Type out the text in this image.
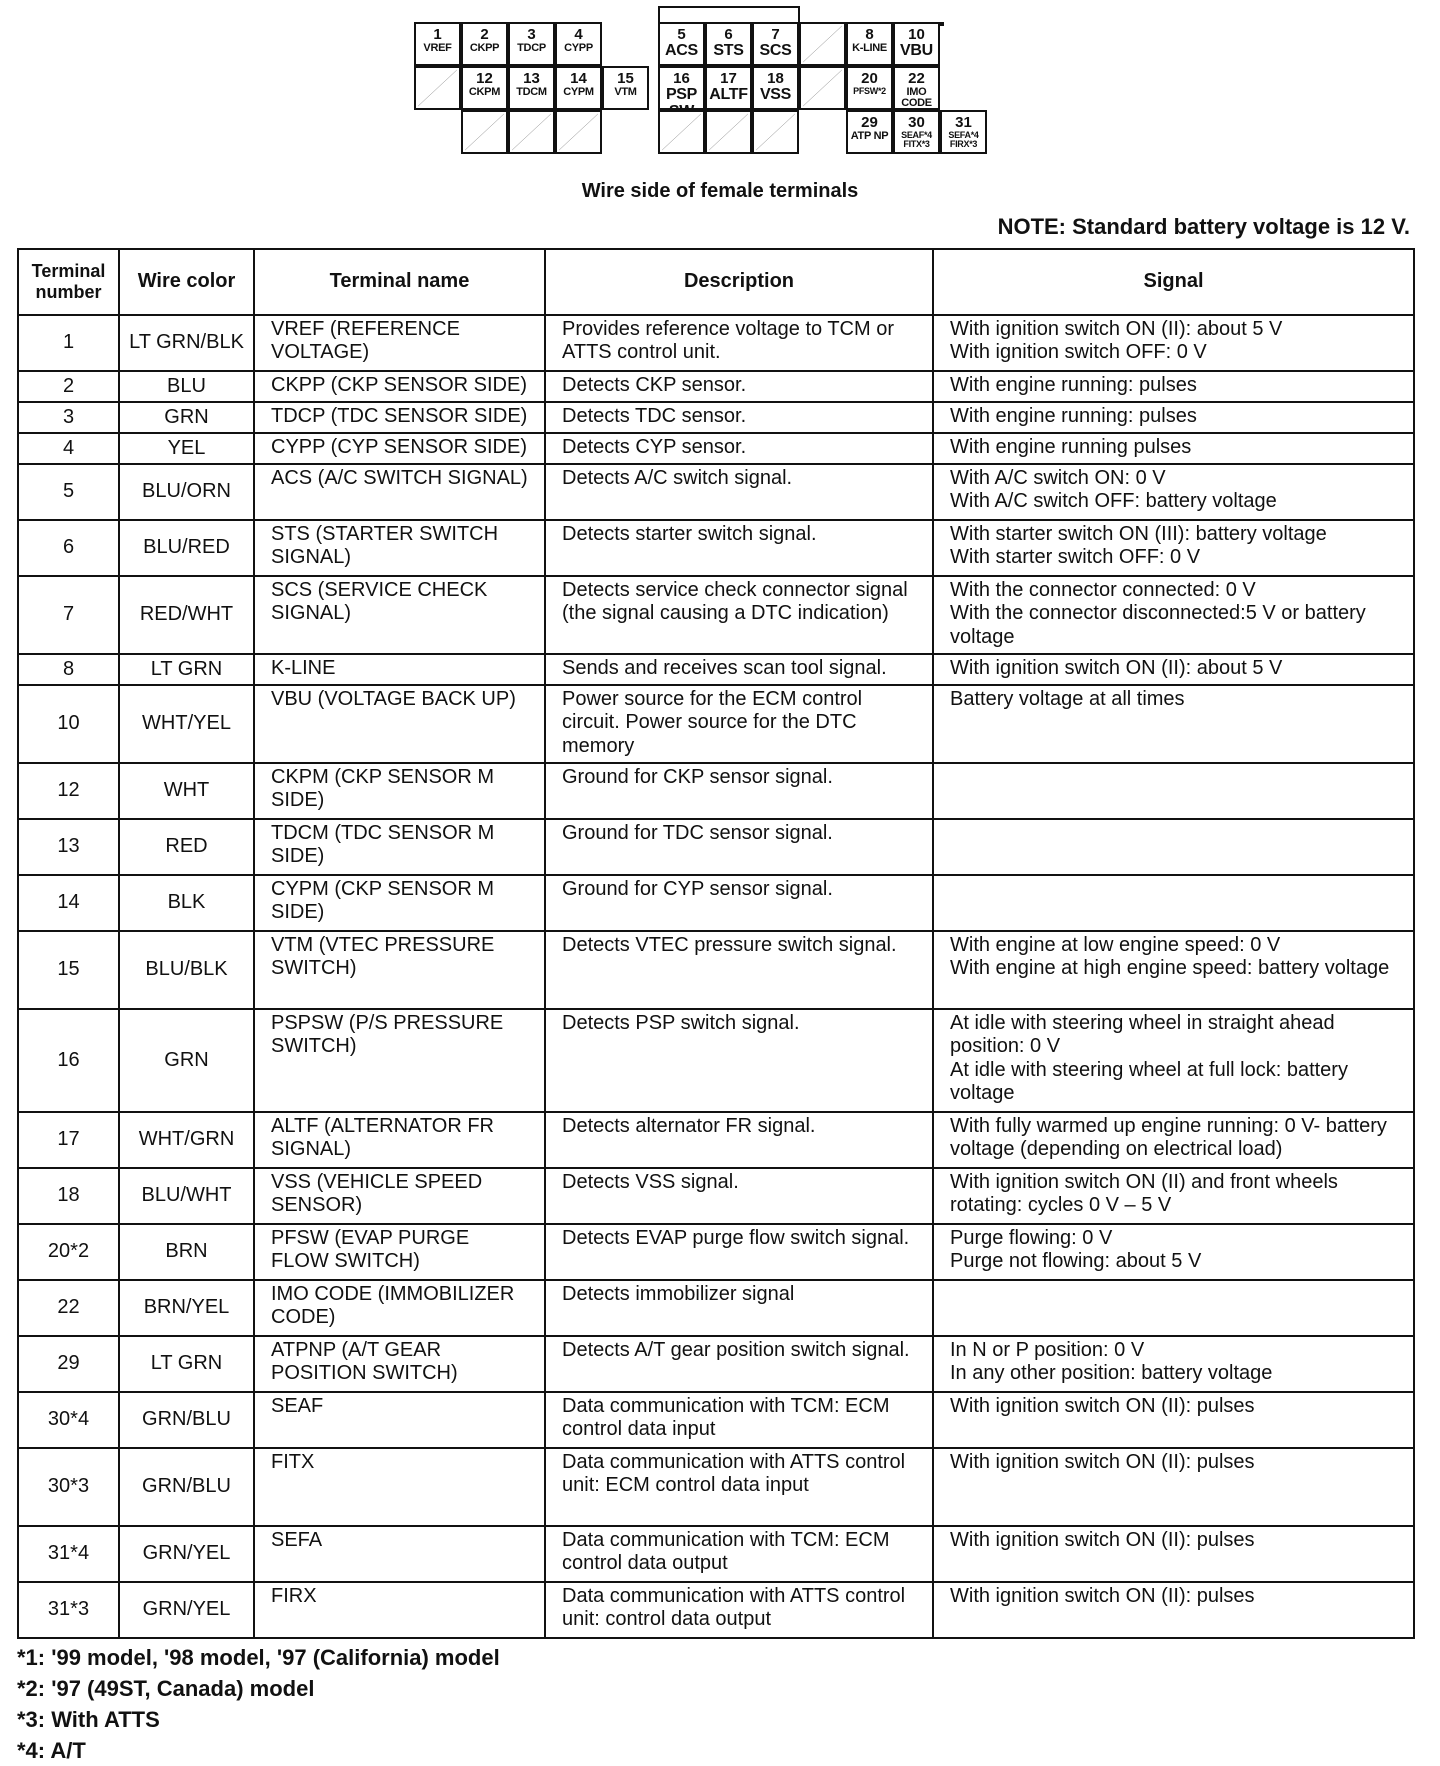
1
VREF
2
CKPP
3
TDCP
4
CYPP
5
ACS
6
STS
7
SCS
8
K-LINE
10
VBU
12
CKPM
13
TDCM
14
CYPM
15
VTM
16
PSP
17
ALTF
18
VSS
20
PFSW*2
22
IMO CODE
29
ATP NP
30
SEAF*4 FITX*3
31
SEFA*4 FIRX*3
Wire side of female terminals
NOTE: Standard battery voltage is 12 V.
Terminal number	Wire color	Terminal name	Description	Signal
1	LT GRN/BLK	VREF (REFERENCE VOLTAGE)	Provides reference voltage to TCM or ATTS control unit.	With ignition switch ON (II): about 5 V
With ignition switch OFF: 0 V
2	BLU	CKPP (CKP SENSOR SIDE)	Detects CKP sensor.	With engine running: pulses
3	GRN	TDCP (TDC SENSOR SIDE)	Detects TDC sensor.	With engine running: pulses
4	YEL	CYPP (CYP SENSOR SIDE)	Detects CYP sensor.	With engine running pulses
5	BLU/ORN	ACS (A/C SWITCH SIGNAL)	Detects A/C switch signal.	With A/C switch ON: 0 V
With A/C switch OFF: battery voltage
6	BLU/RED	STS (STARTER SWITCH SIGNAL)	Detects starter switch signal.	With starter switch ON (III): battery voltage
With starter switch OFF: 0 V
7	RED/WHT	SCS (SERVICE CHECK SIGNAL)	Detects service check connector signal (the signal causing a DTC indication)	With the connector connected: 0 V
With the connector disconnected:5 V or battery voltage
8	LT GRN	K-LINE	Sends and receives scan tool signal.	With ignition switch ON (II): about 5 V
10	WHT/YEL	VBU (VOLTAGE BACK UP)	Power source for the ECM control circuit. Power source for the DTC memory	Battery voltage at all times
12	WHT	CKPM (CKP SENSOR M SIDE)	Ground for CKP sensor signal.	
13	RED	TDCM (TDC SENSOR M SIDE)	Ground for TDC sensor signal.	
14	BLK	CYPM (CKP SENSOR M SIDE)	Ground for CYP sensor signal.	
15	BLU/BLK	VTM (VTEC PRESSURE SWITCH)	Detects VTEC pressure switch signal.	With engine at low engine speed: 0 V
With engine at high engine speed: battery voltage
16	GRN	PSPSW (P/S PRESSURE SWITCH)	Detects PSP switch signal.	At idle with steering wheel in straight ahead position: 0 V
At idle with steering wheel at full lock: battery voltage
17	WHT/GRN	ALTF (ALTERNATOR FR SIGNAL)	Detects alternator FR signal.	With fully warmed up engine running: 0 V- battery voltage (depending on electrical load)
18	BLU/WHT	VSS (VEHICLE SPEED SENSOR)	Detects VSS signal.	With ignition switch ON (II) and front wheels rotating: cycles 0 V – 5 V
20*2	BRN	PFSW (EVAP PURGE FLOW SWITCH)	Detects EVAP purge flow switch signal.	Purge flowing: 0 V
Purge not flowing: about 5 V
22	BRN/YEL	IMO CODE (IMMOBILIZER CODE)	Detects immobilizer signal	
29	LT GRN	ATPNP (A/T GEAR POSITION SWITCH)	Detects A/T gear position switch signal.	In N or P position: 0 V
In any other position: battery voltage
30*4	GRN/BLU	SEAF	Data communication with TCM: ECM control data input	With ignition switch ON (II): pulses
30*3	GRN/BLU	FITX	Data communication with ATTS control unit: ECM control data input	With ignition switch ON (II): pulses
31*4	GRN/YEL	SEFA	Data communication with TCM: ECM control data output	With ignition switch ON (II): pulses
31*3	GRN/YEL	FIRX	Data communication with ATTS control unit: control data output	With ignition switch ON (II): pulses
*1: '99 model, '98 model, '97 (California) model
*2: '97 (49ST, Canada) model
*3: With ATTS
*4: A/T
